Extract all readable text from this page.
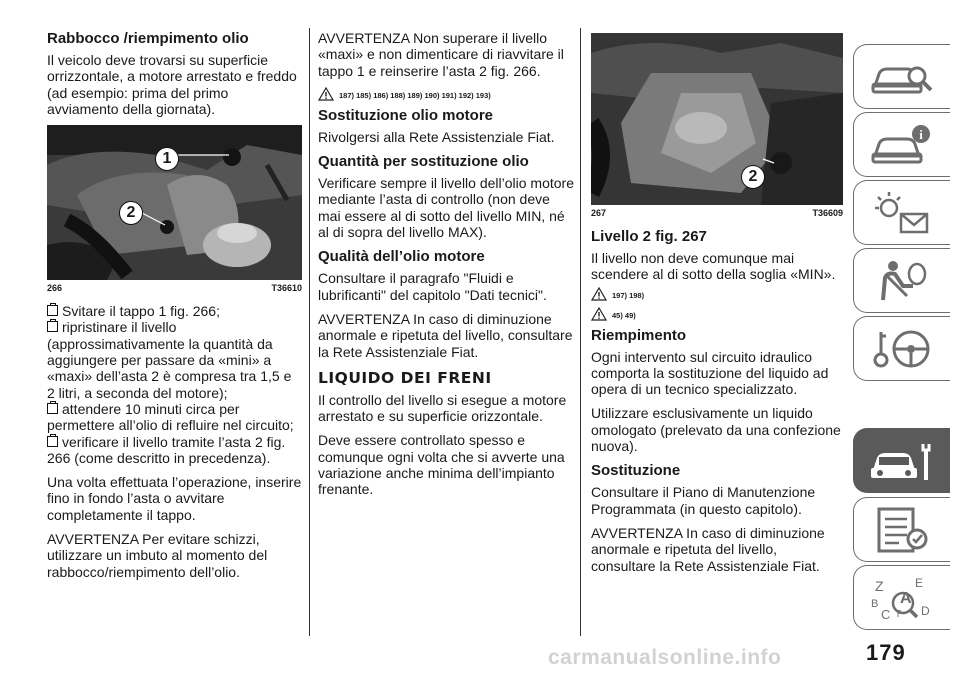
Rabbocco /riempimento olio

Il veicolo deve trovarsi su superficie orrizzontale, a motore arrestato e freddo (ad esempio: prima del primo avviamento della giornata).

1
2
266	T36610
Svitare il tappo 1 fig. 266;
ripristinare il livello (approssimativamente la quantità da aggiungere per passare da «mini» a «maxi» dell’asta 2 è compresa tra 1,5 e 2 litri, a seconda del motore);
attendere 10 minuti circa per permettere all’olio di refluire nel circuito;
verificare il livello tramite l’asta 2 fig. 266 (come descritto in precedenza).

Una volta effettuata l’operazione, inserire fino in fondo l’asta o avvitare completamente il tappo.

AVVERTENZA Per evitare schizzi, utilizzare un imbuto al momento del rabbocco/riempimento dell’olio.

AVVERTENZA Non superare il livello «maxi» e non dimenticare di riavvitare il tappo 1 e reinserire l’asta 2 fig. 266.

187) 185) 186) 188) 189) 190) 191) 192) 193)
Sostituzione olio motore

Rivolgersi alla Rete Assistenziale Fiat.

Quantità per sostituzione olio

Verificare sempre il livello dell’olio motore mediante l’asta di controllo (non deve mai essere al di sotto del livello MIN, né al di sopra del livello MAX).

Qualità dell’olio motore

Consultare il paragrafo "Fluidi e lubrificanti" del capitolo "Dati tecnici".

AVVERTENZA In caso di diminuzione anormale e ripetuta del livello, consultare la Rete Assistenziale Fiat.

LIQUIDO DEI FRENI

Il controllo del livello si esegue a motore arrestato e su superficie orizzontale.

Deve essere controllato spesso e comunque ogni volta che si avverte una variazione anche minima dell’impianto frenante.

2
267	T36609
Livello 2 fig. 267

Il livello non deve comunque mai scendere al di sotto della soglia «MIN».

197) 198)
45) 49)
Riempimento

Ogni intervento sul circuito idraulico comporta la sostituzione del liquido ad opera di un tecnico specializzato.

Utilizzare esclusivamente un liquido omologato (prelevato da una confezione nuova).

Sostituzione

Consultare il Piano di Manutenzione Programmata (in questo capitolo).

AVVERTENZA In caso di diminuzione anormale e ripetuta del livello, consultare la Rete Assistenziale Fiat.

i
Z	E
A
B
C T D
179
carmanualsonline.info
